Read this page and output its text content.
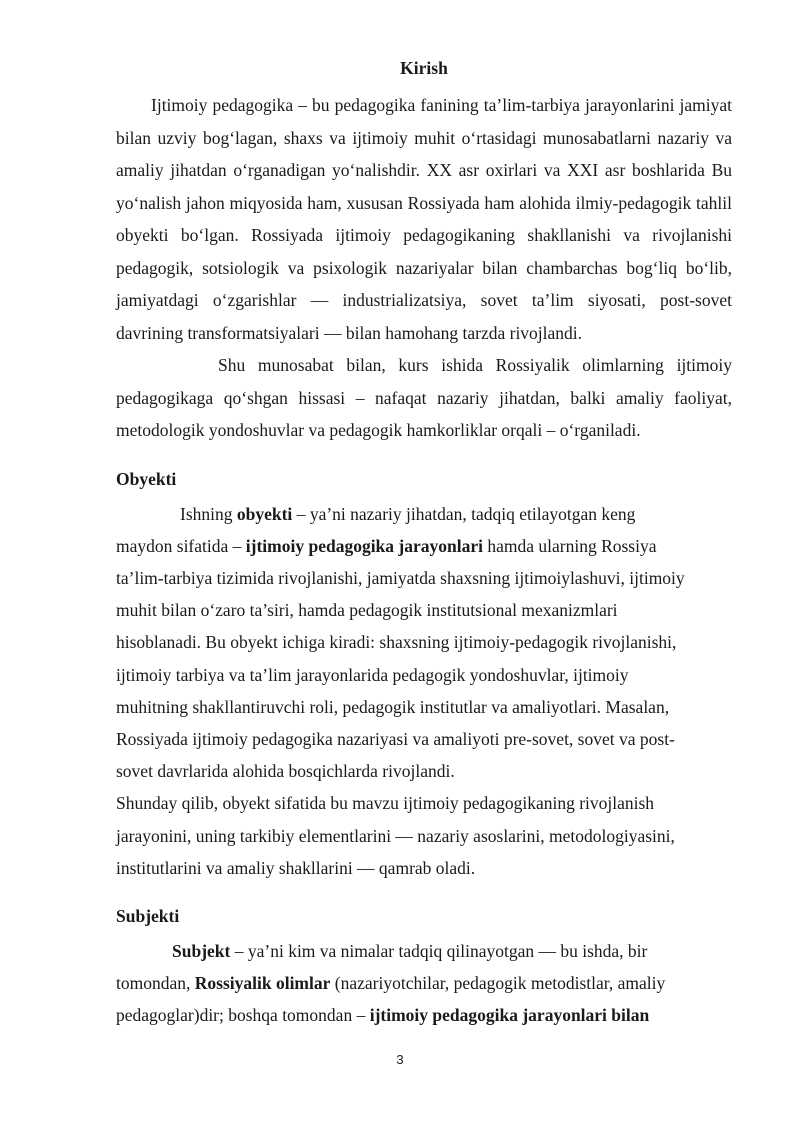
Kirish

Ijtimoiy pedagogika – bu pedagogika fanining ta’lim-tarbiya jarayonlarini jamiyat bilan uzviy bog‘lagan, shaxs va ijtimoiy muhit o‘rtasidagi munosabatlarni nazariy va amaliy jihatdan o‘rganadigan yo‘nalishdir. XX asr oxirlari va XXI asr boshlarida Bu yo‘nalish jahon miqyosida ham, xususan Rossiyada ham alohida ilmiy-pedagogik tahlil obyekti bo‘lgan. Rossiyada ijtimoiy pedagogikaning shakllanishi va rivojlanishi pedagogik, sotsiologik va psixologik nazariyalar bilan chambarchas bog‘liq bo‘lib, jamiyatdagi o‘zgarishlar — industrializatsiya, sovet ta’lim siyosati, post-sovet davrining transformatsiyalari — bilan hamohang tarzda rivojlandi.

Shu munosabat bilan, kurs ishida Rossiyalik olimlarning ijtimoiy pedagogikaga qo‘shgan hissasi – nafaqat nazariy jihatdan, balki amaliy faoliyat, metodologik yondoshuvlar va pedagogik hamkorliklar orqali – o‘rganiladi.

Obyekti
Ishning obyekti – ya’ni nazariy jihatdan, tadqiq etilayotgan keng
maydon sifatida – ijtimoiy pedagogika jarayonlari hamda ularning Rossiya
ta’lim-tarbiya tizimida rivojlanishi, jamiyatda shaxsning ijtimoiylashuvi, ijtimoiy
muhit bilan o‘zaro ta’siri, hamda pedagogik institutsional mexanizmlari
hisoblanadi. Bu obyekt ichiga kiradi: shaxsning ijtimoiy-pedagogik rivojlanishi,
ijtimoiy tarbiya va ta’lim jarayonlarida pedagogik yondoshuvlar, ijtimoiy
muhitning shakllantiruvchi roli, pedagogik institutlar va amaliyotlari. Masalan,
Rossiyada ijtimoiy pedagogika nazariyasi va amaliyoti pre-sovet, sovet va post-
sovet davrlarida alohida bosqichlarda rivojlandi.
Shunday qilib, obyekt sifatida bu mavzu ijtimoiy pedagogikaning rivojlanish
jarayonini, uning tarkibiy elementlarini — nazariy asoslarini, metodologiyasini,
institutlarini va amaliy shakllarini — qamrab oladi.
Subjekti
Subjekt – ya’ni kim va nimalar tadqiq qilinayotgan — bu ishda, bir
tomondan, Rossiyalik olimlar (nazariyotchilar, pedagogik metodistlar, amaliy
pedagoglar)dir; boshqa tomondan – ijtimoiy pedagogika jarayonlari bilan
3
